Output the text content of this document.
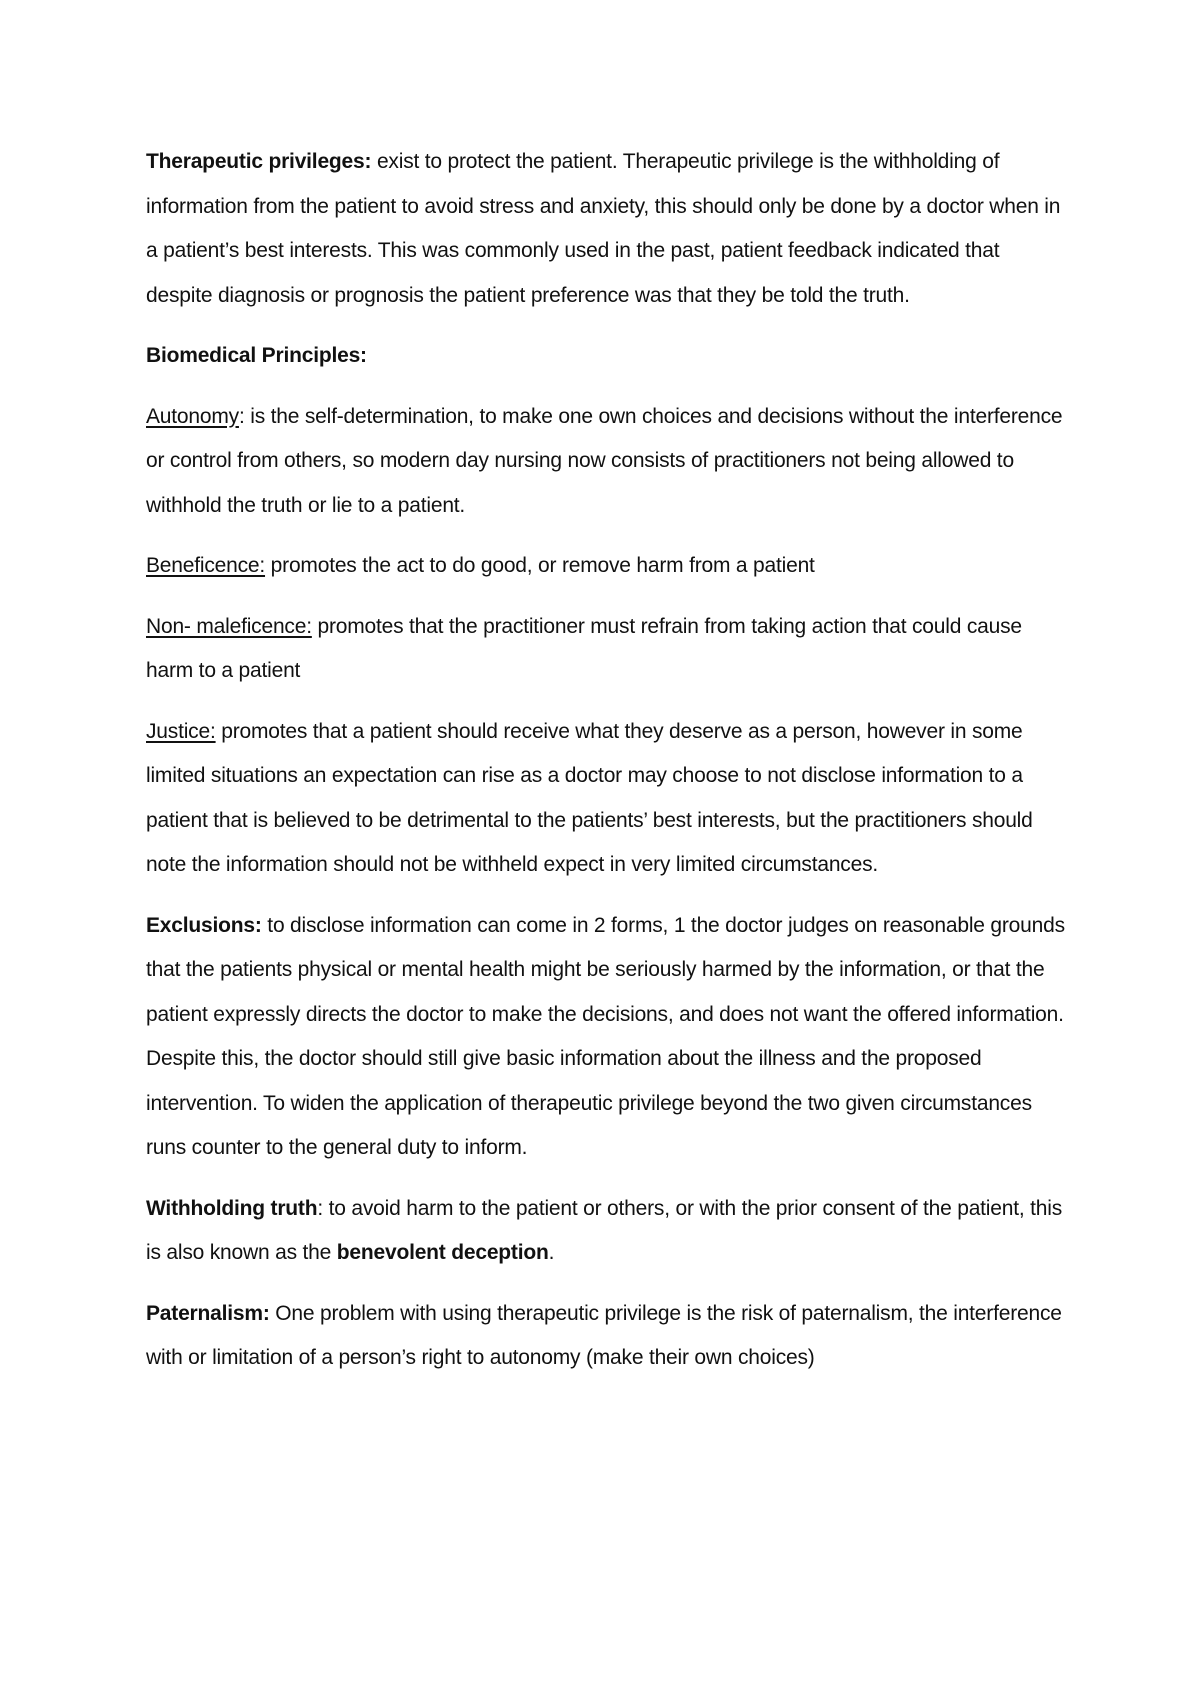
Therapeutic privileges: exist to protect the patient. Therapeutic privilege is the withholding of information from the patient to avoid stress and anxiety, this should only be done by a doctor when in a patient’s best interests. This was commonly used in the past, patient feedback indicated that despite diagnosis or prognosis the patient preference was that they be told the truth.

Biomedical Principles:

Autonomy: is the self-determination, to make one own choices and decisions without the interference or control from others, so modern day nursing now consists of practitioners not being allowed to withhold the truth or lie to a patient.

Beneficence: promotes the act to do good, or remove harm from a patient

Non- maleficence: promotes that the practitioner must refrain from taking action that could cause harm to a patient

Justice: promotes that a patient should receive what they deserve as a person, however in some limited situations an expectation can rise as a doctor may choose to not disclose information to a patient that is believed to be detrimental to the patients’ best interests, but the practitioners should note the information should not be withheld expect in very limited circumstances.

Exclusions: to disclose information can come in 2 forms, 1 the doctor judges on reasonable grounds that the patients physical or mental health might be seriously harmed by the information, or that the patient expressly directs the doctor to make the decisions, and does not want the offered information. Despite this, the doctor should still give basic information about the illness and the proposed intervention. To widen the application of therapeutic privilege beyond the two given circumstances runs counter to the general duty to inform.

Withholding truth: to avoid harm to the patient or others, or with the prior consent of the patient, this is also known as the benevolent deception.

Paternalism: One problem with using therapeutic privilege is the risk of paternalism, the interference with or limitation of a person’s right to autonomy (make their own choices)
